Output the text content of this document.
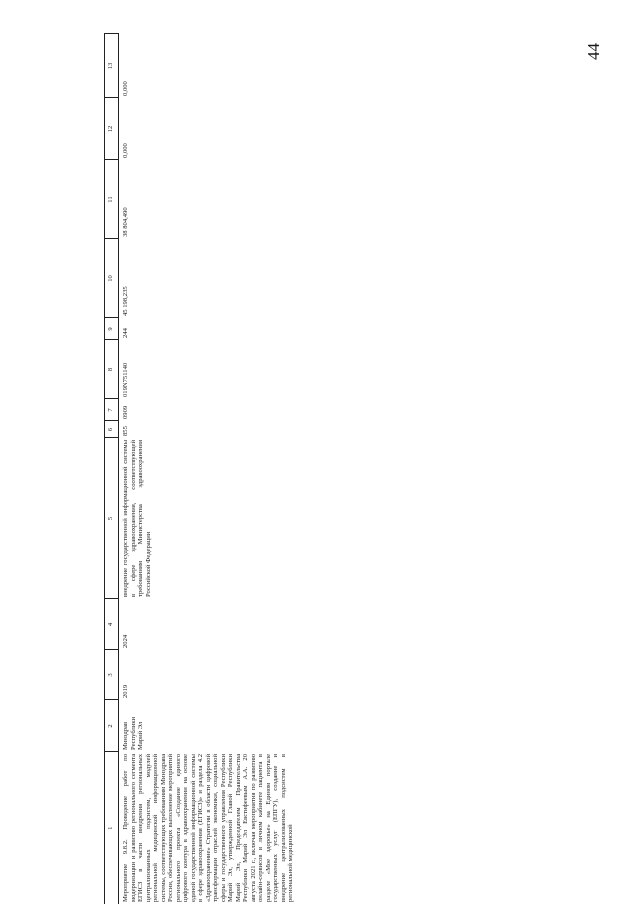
44
1	2	3	4	5	6	7	8	9	10	11	12	13
Мероприятие 9.8.2. Проведение работ по модернизации и развитию регионального сегмента ЕГИСЗ в части внедрения региональных централизованных подсистем, модулей региональной медицинской информационной системы, соответствующих требованиям Минздрава России, обеспечивающих выполнение мероприятий регионального проекта «Создание единого цифрового контура в здравоохранении на основе единой государственной информационной системы в сфере здравоохранения (ЕГИСЗ)» и раздела 4.2 «Здравоохранение» Стратегии в области цифровой трансформации отраслей экономики, социальной сферы и государственного управления Республики Марий Эл, утвержденной Главой Республики Марий Эл, Председателем Правительства Республики Марий Эл Евстифеевым А.А. 20 августа 2021 г., включая мероприятия по развитию онлайн-сервисов в личном кабинете пациента в разделе «Мое здоровье» на Едином портале государственных услуг (ЕПГУ), создание и внедрение централизованных подсистем в региональной медицинской	Минздрав Республики Марий Эл	2019	2024	внедрение государственной информационной системы в сфере здравоохранения, соответствующей требованиям Министерства здравоохранения Российской Федерации	855	0909	019N751140	244	45 198,235	38 804,490	0,000	0,000
